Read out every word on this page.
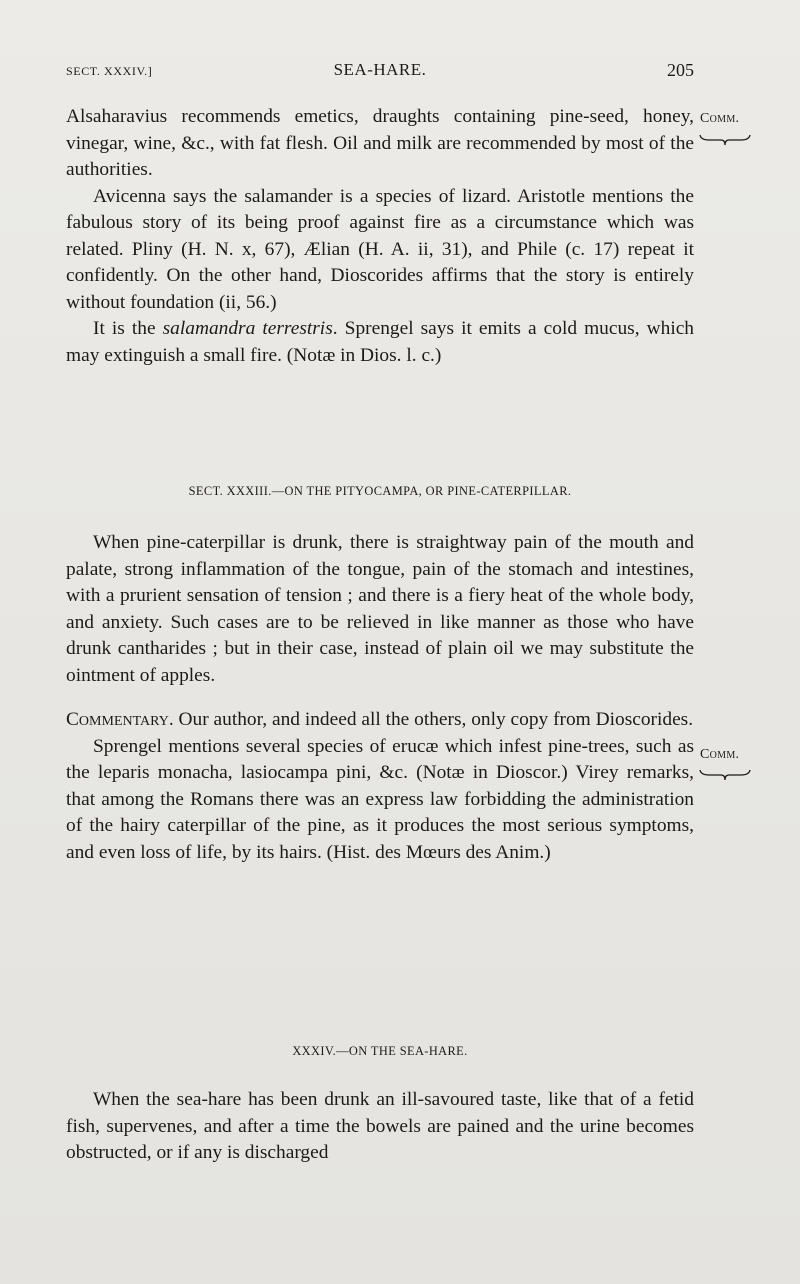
SECT. XXXIV.]	SEA-HARE.	205
Comm.

Alsaharavius recommends emetics, draughts containing pine-seed, honey, vinegar, wine, &c., with fat flesh. Oil and milk are recommended by most of the authorities.

Avicenna says the salamander is a species of lizard. Aristotle mentions the fabulous story of its being proof against fire as a circumstance which was related. Pliny (H. N. x, 67), Ælian (H. A. ii, 31), and Phile (c. 17) repeat it confidently. On the other hand, Dioscorides affirms that the story is entirely without foundation (ii, 56.)

It is the salamandra terrestris. Sprengel says it emits a cold mucus, which may extinguish a small fire. (Notæ in Dios. l. c.)

SECT. XXXIII.—ON THE PITYOCAMPA, OR PINE-CATERPILLAR.

When pine-caterpillar is drunk, there is straightway pain of the mouth and palate, strong inflammation of the tongue, pain of the stomach and intestines, with a prurient sensation of tension ; and there is a fiery heat of the whole body, and anxiety. Such cases are to be relieved in like manner as those who have drunk cantharides ; but in their case, instead of plain oil we may substitute the ointment of apples.

Commentary. Our author, and indeed all the others, only copy from Dioscorides.

Sprengel mentions several species of erucæ which infest pine-trees, such as the leparis monacha, lasiocampa pini, &c. (Notæ in Dioscor.) Virey remarks, that among the Romans there was an express law forbidding the administration of the hairy caterpillar of the pine, as it produces the most serious symptoms, and even loss of life, by its hairs. (Hist. des Mœurs des Anim.)

Comm.
XXXIV.—ON THE SEA-HARE.

When the sea-hare has been drunk an ill-savoured taste, like that of a fetid fish, supervenes, and after a time the bowels are pained and the urine becomes obstructed, or if any is discharged
